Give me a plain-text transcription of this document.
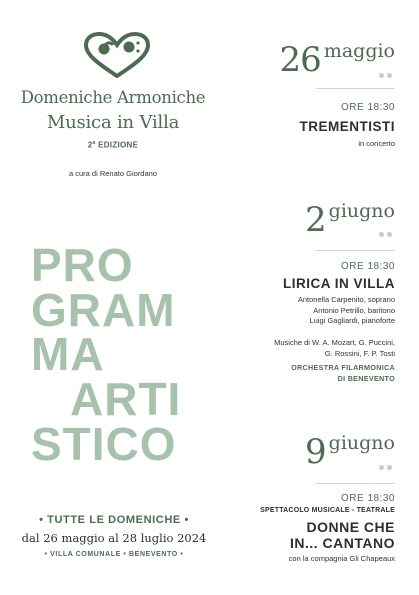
Domeniche Armoniche
Musica in Villa
2$^a$ EDIZIONE
a cura di Renato Giordano
PRO
GRAM
MA
ARTI
STICO
• TUTTE LE DOMENICHE •
dal 26 maggio al 28 luglio 2024
• VILLA COMUNALE • BENEVENTO •
26 maggio
ORE 18:30
TREMENTISTI
in concerto
2 giugno
ORE 18:30
LIRICA IN VILLA
Antonella Carpenito, soprano
Antonio Petrillo, baritono
Luigi Gagliardi, pianoforte
Musiche di W. A. Mozart, G. Puccini,
G. Rossini, F. P. Tosti
ORCHESTRA FILARMONICA
DI BENEVENTO
9 giugno
ORE 18:30
SPETTACOLO MUSICALE - TEATRALE
DONNE CHE
IN... CANTANO
con la compagnia Gli Chapeaux
